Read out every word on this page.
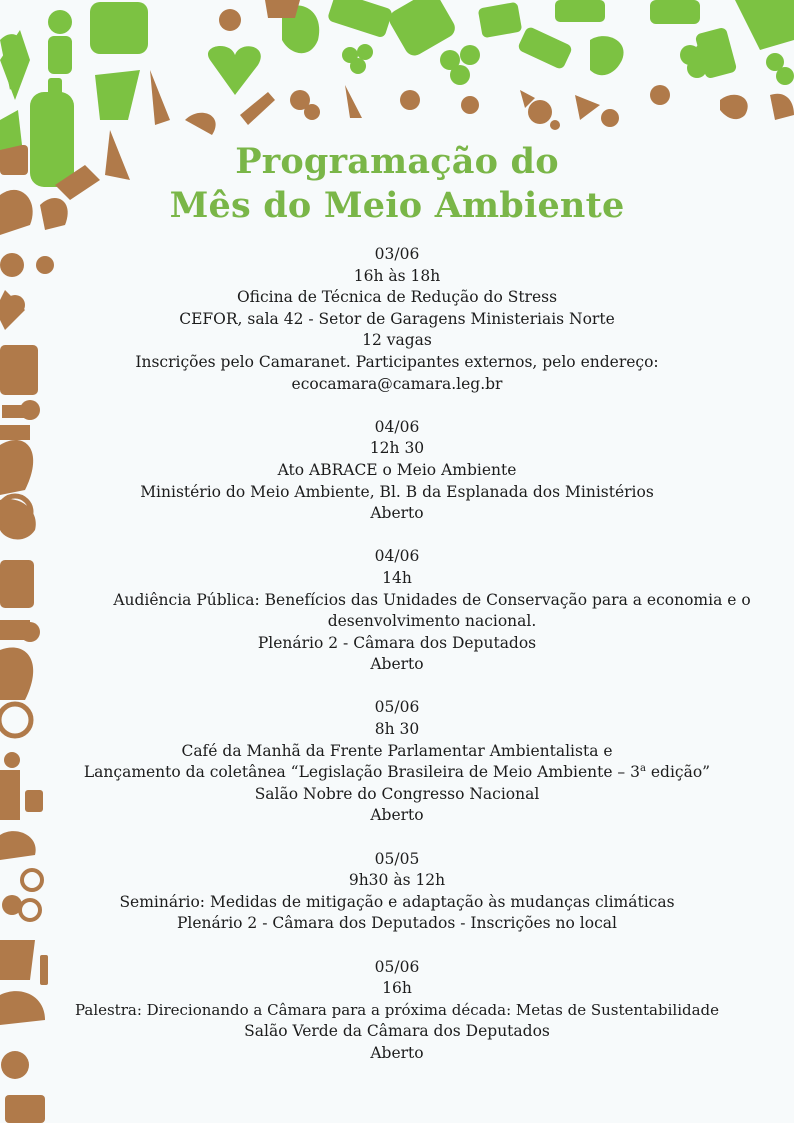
Programação do
Mês do Meio Ambiente
03/06
16h às 18h
Oficina de Técnica de Redução do Stress
CEFOR, sala 42 - Setor de Garagens Ministeriais Norte
12 vagas
Inscrições pelo Camaranet. Participantes externos, pelo endereço:
ecocamara@camara.leg.br
04/06
12h 30
Ato ABRACE o Meio Ambiente
Ministério do Meio Ambiente, Bl. B da Esplanada dos Ministérios
Aberto
04/06
14h
Audiência Pública: Benefícios das Unidades de Conservação para a economia e o desenvolvimento nacional.
Plenário 2 - Câmara dos Deputados
Aberto
05/06
8h 30
Café da Manhã da Frente Parlamentar Ambientalista e
Lançamento da coletânea “Legislação Brasileira de Meio Ambiente – 3$^a$ edição”
Salão Nobre do Congresso Nacional
Aberto
05/05
9h30 às 12h
Seminário: Medidas de mitigação e adaptação às mudanças climáticas
Plenário 2 - Câmara dos Deputados - Inscrições no local
05/06
16h
Palestra: Direcionando a Câmara para a próxima década: Metas de Sustentabilidade
Salão Verde da Câmara dos Deputados
Aberto
